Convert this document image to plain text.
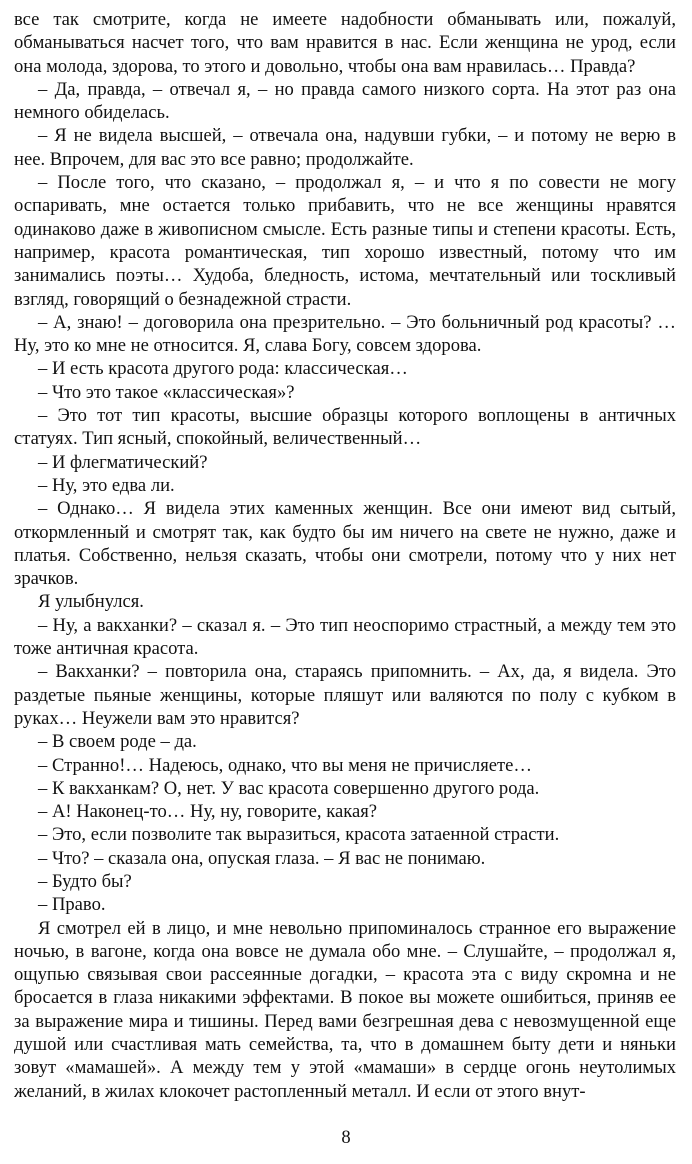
все так смотрите, когда не имеете надобности обманывать или, пожалуй, обманываться насчет того, что вам нравится в нас. Если женщина не урод, если она молода, здорова, то этого и довольно, чтобы она вам нравилась… Правда?

– Да, правда, – отвечал я, – но правда самого низкого сорта. На этот раз она немного обиделась.

– Я не видела высшей, – отвечала она, надувши губки, – и потому не верю в нее. Впрочем, для вас это все равно; продолжайте.

– После того, что сказано, – продолжал я, – и что я по совести не могу оспаривать, мне остается только прибавить, что не все женщины нравятся одинаково даже в живописном смысле. Есть разные типы и степени красоты. Есть, например, красота романтическая, тип хорошо известный, потому что им занимались поэты… Худоба, бледность, истома, мечтательный или тоскливый взгляд, говорящий о безнадежной страсти.

– А, знаю! – договорила она презрительно. – Это больничный род красоты? … Ну, это ко мне не относится. Я, слава Богу, совсем здорова.

– И есть красота другого рода: классическая…

– Что это такое «классическая»?

– Это тот тип красоты, высшие образцы которого воплощены в античных статуях. Тип ясный, спокойный, величественный…

– И флегматический?

– Ну, это едва ли.

– Однако… Я видела этих каменных женщин. Все они имеют вид сытый, откормленный и смотрят так, как будто бы им ничего на свете не нужно, даже и платья. Собственно, нельзя сказать, чтобы они смотрели, потому что у них нет зрачков.

Я улыбнулся.

– Ну, а вакханки? – сказал я. – Это тип неоспоримо страстный, а между тем это тоже античная красота.

– Вакханки? – повторила она, стараясь припомнить. – Ах, да, я видела. Это раздетые пьяные женщины, которые пляшут или валяются по полу с кубком в руках… Неужели вам это нравится?

– В своем роде – да.

– Странно!… Надеюсь, однако, что вы меня не причисляете…

– К вакханкам? О, нет. У вас красота совершенно другого рода.

– А! Наконец-то… Ну, ну, говорите, какая?

– Это, если позволите так выразиться, красота затаенной страсти.

– Что? – сказала она, опуская глаза. – Я вас не понимаю.

– Будто бы?

– Право.

Я смотрел ей в лицо, и мне невольно припоминалось странное его выражение ночью, в вагоне, когда она вовсе не думала обо мне. – Слушайте, – продолжал я, ощупью связывая свои рассеянные догадки, – красота эта с виду скромна и не бросается в глаза никакими эффектами. В покое вы можете ошибиться, приняв ее за выражение мира и тишины. Перед вами безгрешная дева с невозмущенной еще душой или счастливая мать семейства, та, что в домашнем быту дети и няньки зовут «мамашей». А между тем у этой «мамаши» в сердце огонь неутолимых желаний, в жилах клокочет растопленный металл. И если от этого внут-

8
